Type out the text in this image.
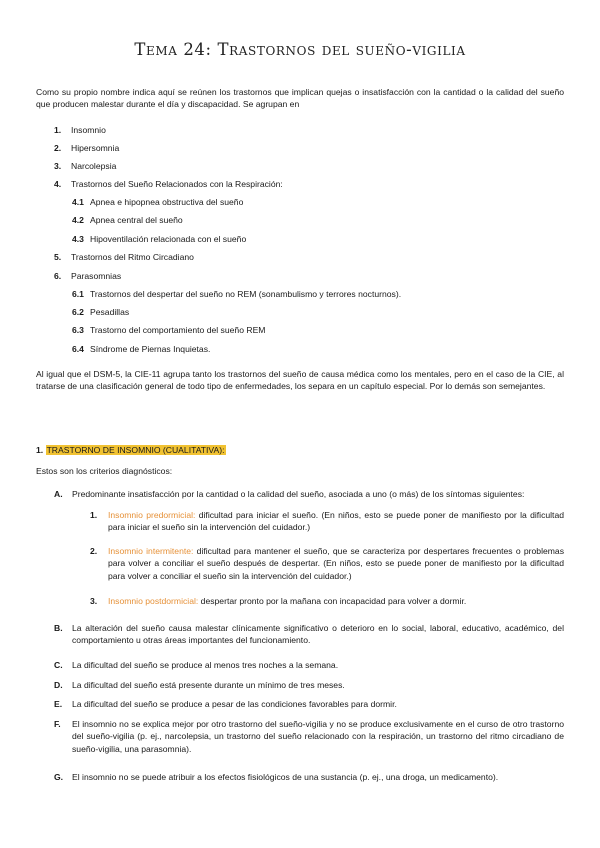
Tema 24: Trastornos del sueño-vigilia
Como su propio nombre indica aquí se reúnen los trastornos que implican quejas o insatisfacción con la cantidad o la calidad del sueño que producen malestar durante el día y discapacidad. Se agrupan en
1. Insomnio
2. Hipersomnia
3. Narcolepsia
4. Trastornos del Sueño Relacionados con la Respiración:
4.1 Apnea e hipopnea obstructiva del sueño
4.2 Apnea central del sueño
4.3 Hipoventilación relacionada con el sueño
5. Trastornos del Ritmo Circadiano
6. Parasomnias
6.1 Trastornos del despertar del sueño no REM (sonambulismo y terrores nocturnos).
6.2 Pesadillas
6.3 Trastorno del comportamiento del sueño REM
6.4 Síndrome de Piernas Inquietas.
Al igual que el DSM-5, la CIE-11 agrupa tanto los trastornos del sueño de causa médica como los mentales, pero en el caso de la CIE, al tratarse de una clasificación general de todo tipo de enfermedades, los separa en un capítulo especial. Por lo demás son semejantes.
1. TRASTORNO DE INSOMNIO (CUALITATIVA):
Estos son los criterios diagnósticos:
A. Predominante insatisfacción por la cantidad o la calidad del sueño, asociada a uno (o más) de los síntomas siguientes:
1. Insomnio predormicial: dificultad para iniciar el sueño. (En niños, esto se puede poner de manifiesto por la dificultad para iniciar el sueño sin la intervención del cuidador.)
2. Insomnio intermitente: dificultad para mantener el sueño, que se caracteriza por despertares frecuentes o problemas para volver a conciliar el sueño después de despertar. (En niños, esto se puede poner de manifiesto por la dificultad para volver a conciliar el sueño sin la intervención del cuidador.)
3. Insomnio postdormicial: despertar pronto por la mañana con incapacidad para volver a dormir.
B. La alteración del sueño causa malestar clínicamente significativo o deterioro en lo social, laboral, educativo, académico, del comportamiento u otras áreas importantes del funcionamiento.
C. La dificultad del sueño se produce al menos tres noches a la semana.
D. La dificultad del sueño está presente durante un mínimo de tres meses.
E. La dificultad del sueño se produce a pesar de las condiciones favorables para dormir.
F. El insomnio no se explica mejor por otro trastorno del sueño-vigilia y no se produce exclusivamente en el curso de otro trastorno del sueño-vigilia (p. ej., narcolepsia, un trastorno del sueño relacionado con la respiración, un trastorno del ritmo circadiano de sueño-vigilia, una parasomnia).
G. El insomnio no se puede atribuir a los efectos fisiológicos de una sustancia (p. ej., una droga, un medicamento).
